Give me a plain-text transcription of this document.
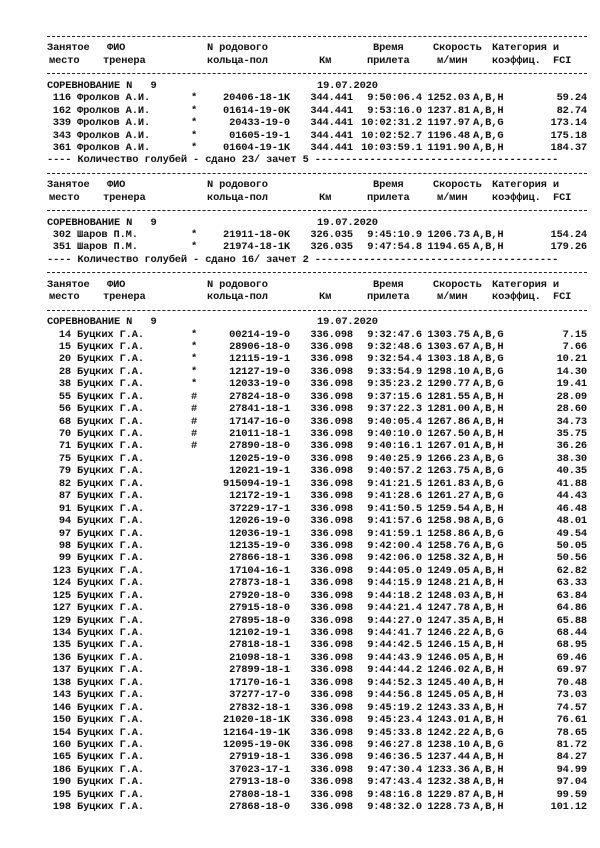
Занятое ФИО	N родового	Время	Скорость Категория и
место тренера	кольца-пол	Км	прилета	м/мин коэффиц. FCI
СОРЕВНОВАНИЕ N   9	19.07.2020
116 Фролков А.И.	*	20406-18-1K	344.441	9:50:06.4 1252.03 A,B,H	59.24
162 Фролков А.И.	*	01614-19-0K	344.441	9:53:16.0 1237.81 A,B,H	82.74
339 Фролков А.И.	*	20433-19-0	344.441 10:02:31.2 1197.97 A,B,G	173.14
343 Фролков А.И.	*	01605-19-1	344.441 10:02:52.7 1196.48 A,B,G	175.18
361 Фролков А.И.	*	01604-19-1K	344.441 10:03:59.1 1191.90 A,B,H	184.37
---- Количество голубей - сдано 23/ зачет 5 ----------------------------------------
Занятое ФИО	N родового	Время	Скорость Категория и
место тренера	кольца-пол	Км	прилета	м/мин коэффиц. FCI
СОРЕВНОВАНИЕ N   9	19.07.2020
302 Шаров П.М.	*	21911-18-0K	326.035	9:45:10.9 1206.73 A,B,H	154.24
351 Шаров П.М.	*	21974-18-1K	326.035	9:47:54.8 1194.65 A,B,H	179.26
---- Количество голубей - сдано 16/ зачет 2 ----------------------------------------
Занятое ФИО	N родового	Время	Скорость Категория и
место тренера	кольца-пол	Км	прилета	м/мин коэффиц. FCI
СОРЕВНОВАНИЕ N   9	19.07.2020
14 Буцких Г.А.	*	00214-19-0	336.098	9:32:47.6 1303.75 A,B,G	7.15
15 Буцких Г.А.	*	28906-18-0	336.098	9:32:48.6 1303.67 A,B,H	7.66
20 Буцких Г.А.	*	12115-19-1	336.098	9:32:54.4 1303.18 A,B,G	10.21
28 Буцких Г.А.	*	12127-19-0	336.098	9:33:54.9 1298.10 A,B,G	14.30
38 Буцких Г.А.	*	12033-19-0	336.098	9:35:23.2 1290.77 A,B,G	19.41
55 Буцких Г.А.	#	27824-18-0	336.098	9:37:15.6 1281.55 A,B,H	28.09
56 Буцких Г.А.	#	27841-18-1	336.098	9:37:22.3 1281.00 A,B,H	28.60
68 Буцких Г.А.	#	17147-16-0	336.098	9:40:05.4 1267.86 A,B,H	34.73
70 Буцких Г.А.	#	21011-18-1	336.098	9:40:10.0 1267.50 A,B,H	35.75
71 Буцких Г.А.	#	27890-18-0	336.098	9:40:16.1 1267.01 A,B,H	36.26
75 Буцких Г.А.	12025-19-0	336.098	9:40:25.9 1266.23 A,B,G	38.30
79 Буцких Г.А.	12021-19-1	336.098	9:40:57.2 1263.75 A,B,G	40.35
82 Буцких Г.А.	915094-19-1	336.098	9:41:21.5 1261.83 A,B,G	41.88
87 Буцких Г.А.	12172-19-1	336.098	9:41:28.6 1261.27 A,B,G	44.43
91 Буцких Г.А.	37229-17-1	336.098	9:41:50.5 1259.54 A,B,H	46.48
94 Буцких Г.А.	12026-19-0	336.098	9:41:57.6 1258.98 A,B,G	48.01
97 Буцких Г.А.	12036-19-1	336.098	9:41:59.1 1258.86 A,B,G	49.54
98 Буцких Г.А.	12135-19-0	336.098	9:42:00.4 1258.76 A,B,G	50.05
99 Буцких Г.А.	27866-18-1	336.098	9:42:06.0 1258.32 A,B,H	50.56
123 Буцких Г.А.	17104-16-1	336.098	9:44:05.0 1249.05 A,B,H	62.82
124 Буцких Г.А.	27873-18-1	336.098	9:44:15.9 1248.21 A,B,H	63.33
125 Буцких Г.А.	27920-18-0	336.098	9:44:18.2 1248.03 A,B,H	63.84
127 Буцких Г.А.	27915-18-0	336.098	9:44:21.4 1247.78 A,B,H	64.86
129 Буцких Г.А.	27895-18-0	336.098	9:44:27.0 1247.35 A,B,H	65.88
134 Буцких Г.А.	12102-19-1	336.098	9:44:41.7 1246.22 A,B,G	68.44
135 Буцких Г.А.	27818-18-1	336.098	9:44:42.5 1246.15 A,B,H	68.95
136 Буцких Г.А.	21098-18-1	336.098	9:44:43.9 1246.05 A,B,H	69.46
137 Буцких Г.А.	27899-18-1	336.098	9:44:44.2 1246.02 A,B,H	69.97
138 Буцких Г.А.	17170-16-1	336.098	9:44:52.3 1245.40 A,B,H	70.48
143 Буцких Г.А.	37277-17-0	336.098	9:44:56.8 1245.05 A,B,H	73.03
146 Буцких Г.А.	27832-18-1	336.098	9:45:19.2 1243.33 A,B,H	74.57
150 Буцких Г.А.	21020-18-1K	336.098	9:45:23.4 1243.01 A,B,H	76.61
154 Буцких Г.А.	12164-19-1K	336.098	9:45:33.8 1242.22 A,B,G	78.65
160 Буцких Г.А.	12095-19-0K	336.098	9:46:27.8 1238.10 A,B,G	81.72
165 Буцких Г.А.	27919-18-1	336.098	9:46:36.5 1237.44 A,B,H	84.27
186 Буцких Г.А.	37023-17-1	336.098	9:47:30.4 1233.36 A,B,H	94.99
190 Буцких Г.А.	27913-18-0	336.098	9:47:43.4 1232.38 A,B,H	97.04
195 Буцких Г.А.	27808-18-1	336.098	9:48:16.8 1229.87 A,B,H	99.59
198 Буцких Г.А.	27868-18-0	336.098	9:48:32.0 1228.73 A,B,H	101.12
